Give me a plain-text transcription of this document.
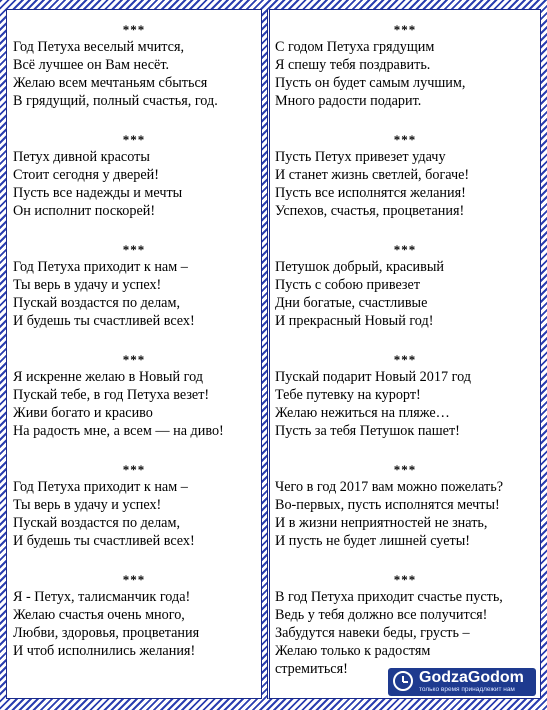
***
Год Петуха веселый мчится,
Всё лучшее он Вам несёт.
Желаю всем мечтаньям сбыться
В грядущий, полный счастья, год.
***
Петух дивной красоты
Стоит сегодня у дверей!
Пусть все надежды и мечты
Он исполнит поскорей!
***
Год Петуха приходит к нам –
Ты верь в удачу и успех!
Пускай воздастся по делам,
И будешь ты счастливей всех!
***
Я искренне желаю в Новый год
Пускай тебе, в год Петуха везет!
Живи богато и красиво
На радость мне, а всем — на диво!
***
Год Петуха приходит к нам –
Ты верь в удачу и успех!
Пускай воздастся по делам,
И будешь ты счастливей всех!
***
Я - Петух, талисманчик года!
Желаю счастья очень много,
Любви, здоровья, процветания
И чтоб исполнились желания!
***
С годом Петуха грядущим
Я спешу тебя поздравить.
Пусть он будет самым лучшим,
Много радости подарит.
***
Пусть Петух привезет удачу
И станет жизнь светлей, богаче!
Пусть все исполнятся желания!
Успехов, счастья, процветания!
***
Петушок добрый, красивый
Пусть с собою привезет
Дни богатые, счастливые
И прекрасный Новый год!
***
Пускай подарит Новый 2017 год
Тебе путевку на курорт!
Желаю нежиться на пляже…
Пусть за тебя Петушок пашет!
***
Чего в год 2017 вам можно пожелать?
Во-первых, пусть исполнятся мечты!
И в жизни неприятностей не знать,
И пусть не будет лишней суеты!
***
В год Петуха приходит счастье пусть,
Ведь у тебя должно все получится!
Забудутся навеки беды, грусть –
Желаю только к радостям
стремиться!	GodzaGodom
только время принадлежит нам
